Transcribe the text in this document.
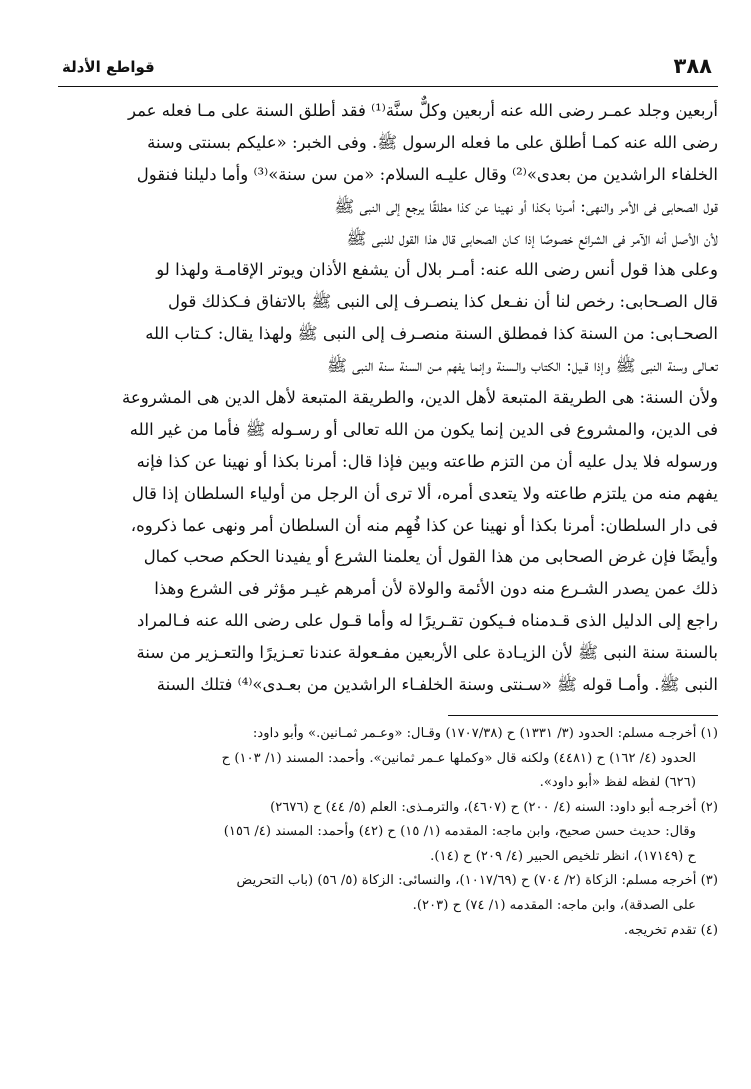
٣٨٨
قواطع الأدلة
أربعين وجلد عمـر رضى الله عنه أربعين وكلٌّ سنَّة⁽¹⁾ فقد أطلق السنة على مـا فعله عمر
رضى الله عنه كمـا أطلق على ما فعله الرسول ﷺ. وفى الخبر: «عليكم بسنتى وسنة
الخلفاء الراشدين من بعدى»⁽²⁾ وقال عليـه السلام: «من سن سنة»⁽³⁾ وأما دليلنا فنقول
قول الصحابى فى الأمر والنهى: أمـرنا بكذا أو نهينا عن كذا مطلقًا يرجع إلى النبى ﷺ
لأن الأصل أنه الآمر فى الشرائع خصوصًا إذا كـان الصحابى قال هذا القول للنبى ﷺ
وعلى هذا قول أنس رضى الله عنه: أمـر بلال أن يشفع الأذان ويوتر الإقامـة ولهذا لو
قال الصـحابى: رخص لنا أن نفـعل كذا ينصـرف إلى النبى ﷺ بالاتفاق فـكذلك قول
الصحـابى: من السنة كذا فمطلق السنة منصـرف إلى النبى ﷺ ولهذا يقال: كـتاب الله
تعـالى وسنة النبى ﷺ وإذا قـيل: الكتاب والـسنة وإنما يفهم مـن السنة سنة النبى ﷺ
ولأن السنة: هى الطريقة المتبعة لأهل الدين، والطريقة المتبعة لأهل الدين هى المشروعة
فى الدين، والمشروع فى الدين إنما يكون من الله تعالى أو رسـوله ﷺ فأما من غير الله
ورسوله فلا يدل عليه أن من التزم طاعته وبين فإذا قال: أمرنا بكذا أو نهينا عن كذا فإنه
يفهم منه من يلتزم طاعته ولا يتعدى أمره، ألا ترى أن الرجل من أولياء السلطان إذا قال
فى دار السلطان: أمرنا بكذا أو نهينا عن كذا فُهِم منه أن السلطان أمر ونهى عما ذكروه،
وأيضًا فإن غرض الصحابى من هذا القول أن يعلمنا الشرع أو يفيدنا الحكم صحب كمال
ذلك عمن يصدر الشـرع منه دون الأئمة والولاة لأن أمرهم غيـر مؤثر فى الشرع وهذا
راجع إلى الدليل الذى قـدمناه فـيكون تقـريرًا له وأما قـول على رضى الله عنه فـالمراد
بالسنة سنة النبى ﷺ لأن الزيـادة على الأربعين مفـعولة عندنا تعـزيرًا والتعـزير من سنة
النبى ﷺ. وأمـا قوله ﷺ «سـنتى وسنة الخلفـاء الراشدين من بعـدى»⁽⁴⁾ فتلك السنة
(١) أخرجـه مسلم: الحدود (٣/ ١٣٣١) ح (١٧٠٧/٣٨) وقـال: «وعـمر ثمـانين.» وأبو داود:
الحدود (٤/ ١٦٢) ح (٤٤٨١) ولكنه قال «وكملها عـمر ثمانين». وأحمد: المسند (١/ ١٠٣) ح
(٦٢٦) لفظه لفظ «أبو داود».
(٢) أخرجـه أبو داود: السنه (٤/ ٢٠٠) ح (٤٦٠٧)، والترمـذى: العلم (٥/ ٤٤) ح (٢٦٧٦)
وقال: حديث حسن صحيح، وابن ماجه: المقدمه (١/ ١٥) ح (٤٢) وأحمد: المسند (٤/ ١٥٦)
ح (١٧١٤٩)، انظر تلخيص الحبير (٤/ ٢٠٩) ح (١٤).
(٣) أخرجه مسلم: الزكاة (٢/ ٧٠٤) ح (١٠١٧/٦٩)، والنسائى: الزكاة (٥/ ٥٦) (باب التحريض
على الصدقة)، وابن ماجه: المقدمه (١/ ٧٤) ح (٢٠٣).
(٤) تقدم تخريجه.
